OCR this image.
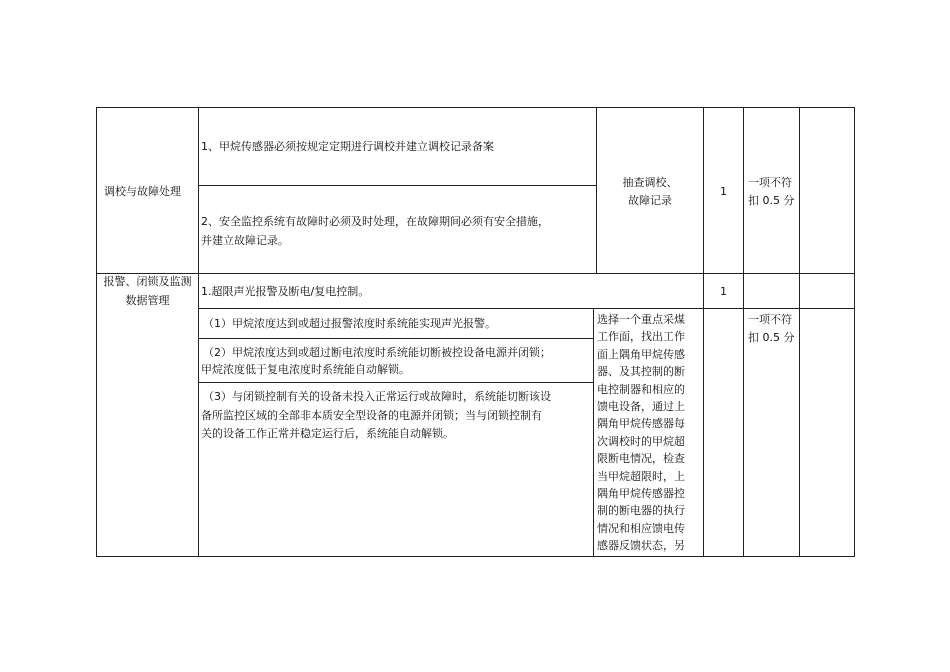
调校与故障处理
1、甲烷传感器必须按规定定期进行调校并建立调校记录备案
2、安全监控系统有故障时必须及时处理，在故障期间必须有安全措施，
并建立故障记录。
抽查调校、
故障记录
1
一项不符
扣 0.5 分
报警、闭锁及监测
数据管理
1.超限声光报警及断电/复电控制。	1
（1）甲烷浓度达到或超过报警浓度时系统能实现声光报警。
（2）甲烷浓度达到或超过断电浓度时系统能切断被控设备电源并闭锁；
甲烷浓度低于复电浓度时系统能自动解锁。
（3）与闭锁控制有关的设备未投入正常运行或故障时，系统能切断该设
备所监控区域的全部非本质安全型设备的电源并闭锁；当与闭锁控制有
关的设备工作正常并稳定运行后，系统能自动解锁。
选择一个重点采煤
工作面，找出工作
面上隅角甲烷传感
器、及其控制的断
电控制器和相应的
馈电设备，通过上
隅角甲烷传感器每
次调校时的甲烷超
限断电情况，检查
当甲烷超限时，上
隅角甲烷传感器控
制的断电器的执行
情况和相应馈电传
感器反馈状态，另
一项不符
扣 0.5 分
